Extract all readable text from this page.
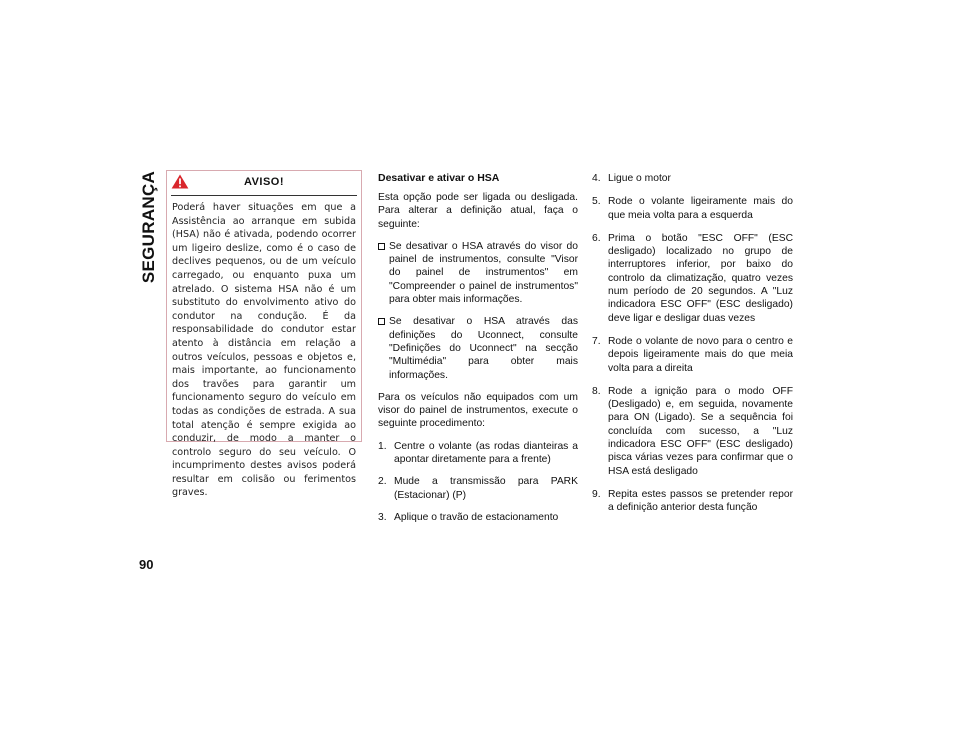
SEGURANÇA
90
AVISO!

Poderá haver situações em que a Assistência ao arranque em subida (HSA) não é ativada, podendo ocorrer um ligeiro deslize, como é o caso de declives pequenos, ou de um veículo carregado, ou enquanto puxa um atrelado. O sistema HSA não é um substituto do envolvimento ativo do condutor na condução. É da responsabilidade do condutor estar atento à distância em relação a outros veículos, pessoas e objetos e, mais importante, ao funcionamento dos travões para garantir um funcionamento seguro do veículo em todas as condições de estrada. A sua total atenção é sempre exigida ao conduzir, de modo a manter o controlo seguro do seu veículo. O incumprimento destes avisos poderá resultar em colisão ou ferimentos graves.

Desativar e ativar o HSA

Esta opção pode ser ligada ou desligada. Para alterar a definição atual, faça o seguinte:

Se desativar o HSA através do visor do painel de instrumentos, consulte "Visor do painel de instrumentos" em "Compreender o painel de instrumentos" para obter mais informações.
Se desativar o HSA através das definições do Uconnect, consulte "Definições do Uconnect" na secção "Multimédia" para obter mais informações.

Para os veículos não equipados com um visor do painel de instrumentos, execute o seguinte procedimento:

1. Centre o volante (as rodas dianteiras a apontar diretamente para a frente)
2. Mude a transmissão para PARK (Estacionar) (P)
3. Aplique o travão de estacionamento
4. Ligue o motor
5. Rode o volante ligeiramente mais do que meia volta para a esquerda
6. Prima o botão "ESC OFF" (ESC desligado) localizado no grupo de interruptores inferior, por baixo do controlo da climatização, quatro vezes num período de 20 segundos. A "Luz indicadora ESC OFF" (ESC desligado) deve ligar e desligar duas vezes
7. Rode o volante de novo para o centro e depois ligeiramente mais do que meia volta para a direita
8. Rode a ignição para o modo OFF (Desligado) e, em seguida, novamente para ON (Ligado). Se a sequência foi concluída com sucesso, a "Luz indicadora ESC OFF" (ESC desligado) pisca várias vezes para confirmar que o HSA está desligado
9. Repita estes passos se pretender repor a definição anterior desta função
